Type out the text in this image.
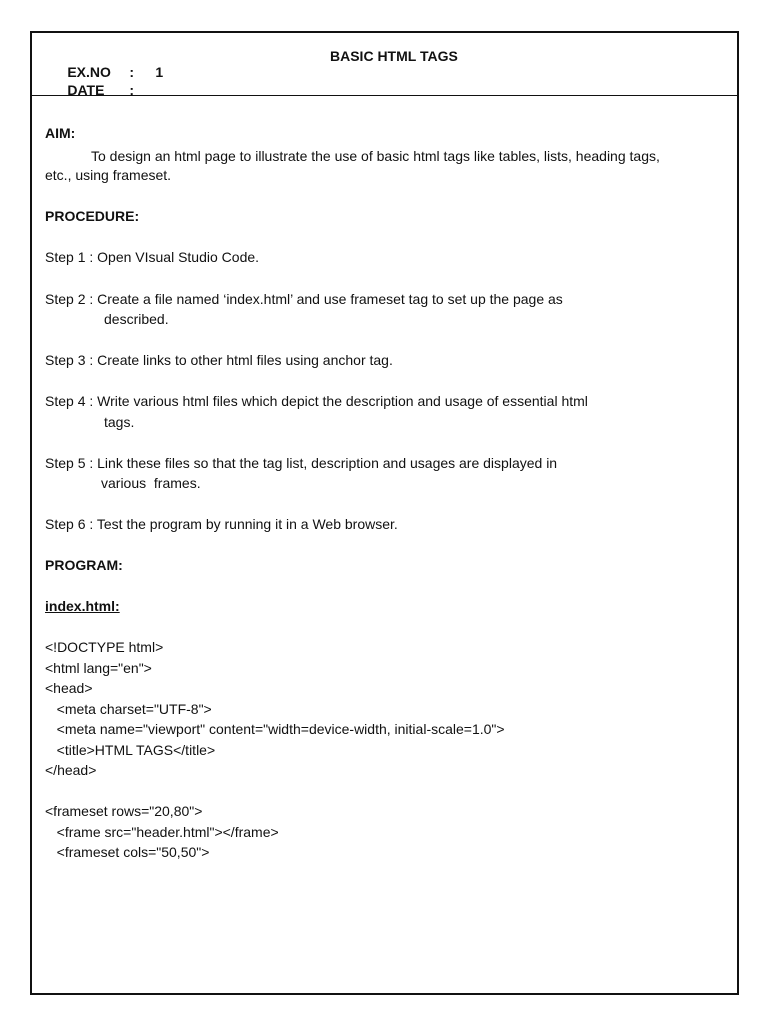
EX.NO : 1

DATE :

BASIC HTML TAGS
AIM:
To design an html page to illustrate the use of basic html tags like tables, lists, heading tags,
etc., using frameset.
PROCEDURE:
Step 1 : Open VIsual Studio Code.
Step 2 : Create a file named ‘index.html’ and use frameset tag to set up the page as
described.
Step 3 : Create links to other html files using anchor tag.
Step 4 : Write various html files which depict the description and usage of essential html
tags.
Step 5 : Link these files so that the tag list, description and usages are displayed in
various  frames.
Step 6 : Test the program by running it in a Web browser.
PROGRAM:
index.html:
<!DOCTYPE html>
<html lang="en">
<head>
<meta charset="UTF-8">
<meta name="viewport" content="width=device-width, initial-scale=1.0">
<title>HTML TAGS</title>
</head>
<frameset rows="20,80">
<frame src="header.html"></frame>
<frameset cols="50,50">
